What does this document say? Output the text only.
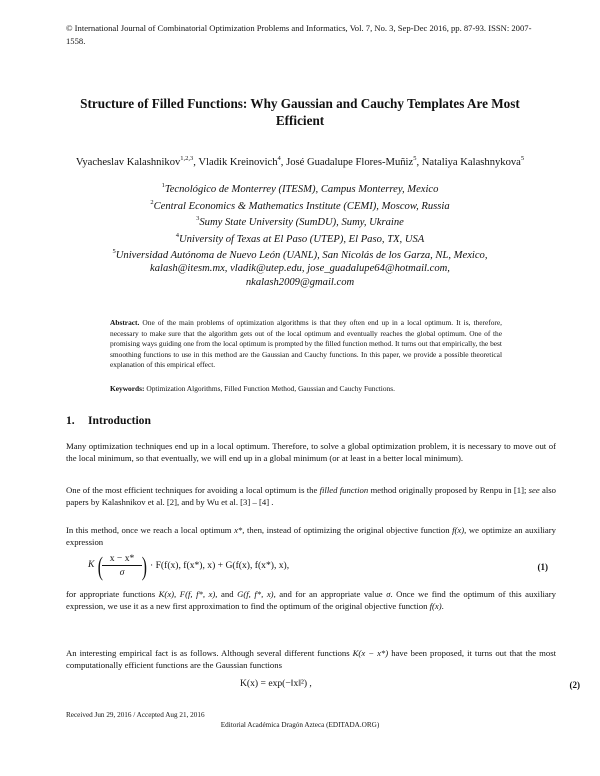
© International Journal of Combinatorial Optimization Problems and Informatics, Vol. 7, No. 3, Sep-Dec 2016, pp. 87-93. ISSN: 2007-1558.
Structure of Filled Functions: Why Gaussian and Cauchy Templates Are Most Efficient
Vyacheslav Kalashnikov$^{1,2,3}$, Vladik Kreinovich$^4$, José Guadalupe Flores-Muñiz$^5$, Nataliya Kalashnykova$^5$
$^1$Tecnológico de Monterrey (ITESM), Campus Monterrey, Mexico
$^2$Central Economics & Mathematics Institute (CEMI), Moscow, Russia
$^3$Sumy State University (SumDU), Sumy, Ukraine
$^4$University of Texas at El Paso (UTEP), El Paso, TX, USA
$^5$Universidad Autónoma de Nuevo León (UANL), San Nicolás de los Garza, NL, Mexico,
kalash@itesm.mx, vladik@utep.edu, jose_guadalupe64@hotmail.com,
nkalash2009@gmail.com
Abstract. One of the main problems of optimization algorithms is that they often end up in a local optimum. It is, therefore, necessary to make sure that the algorithm gets out of the local optimum and eventually reaches the global optimum. One of the promising ways guiding one from the local optimum is prompted by the filled function method. It turns out that empirically, the best smoothing functions to use in this method are the Gaussian and Cauchy functions. In this paper, we provide a possible theoretical explanation of this empirical effect.
Keywords: Optimization Algorithms, Filled Function Method, Gaussian and Cauchy Functions.
1. Introduction
Many optimization techniques end up in a local optimum. Therefore, to solve a global optimization problem, it is necessary to move out of the local minimum, so that eventually, we will end up in a global minimum (or at least in a better local minimum).
One of the most efficient techniques for avoiding a local optimum is the filled function method originally proposed by Renpu in [1]; see also papers by Kalashnikov et al. [2], and by Wu et al. [3] – [4] .
In this method, once we reach a local optimum x*, then, instead of optimizing the original objective function f(x), we optimize an auxiliary expression
K ( $\frac{x - x*}{\sigma}$ ) · F(f(x), f(x*), x) + G(f(x), f(x*), x),	(1)
for appropriate functions K(x), F(f, f*, x), and G(f, f*, x), and for an appropriate value σ. Once we find the optimum of this auxiliary expression, we use it as a new first approximation to find the optimum of the original objective function f(x).
An interesting empirical fact is as follows. Although several different functions K(x − x*) have been proposed, it turns out that the most computationally efficient functions are the Gaussian functions
K(x) = exp(−‖x‖²) ,	(2)
Received Jun 29, 2016 / Accepted Aug 21, 2016
Editorial Académica Dragón Azteca (EDITADA.ORG)
